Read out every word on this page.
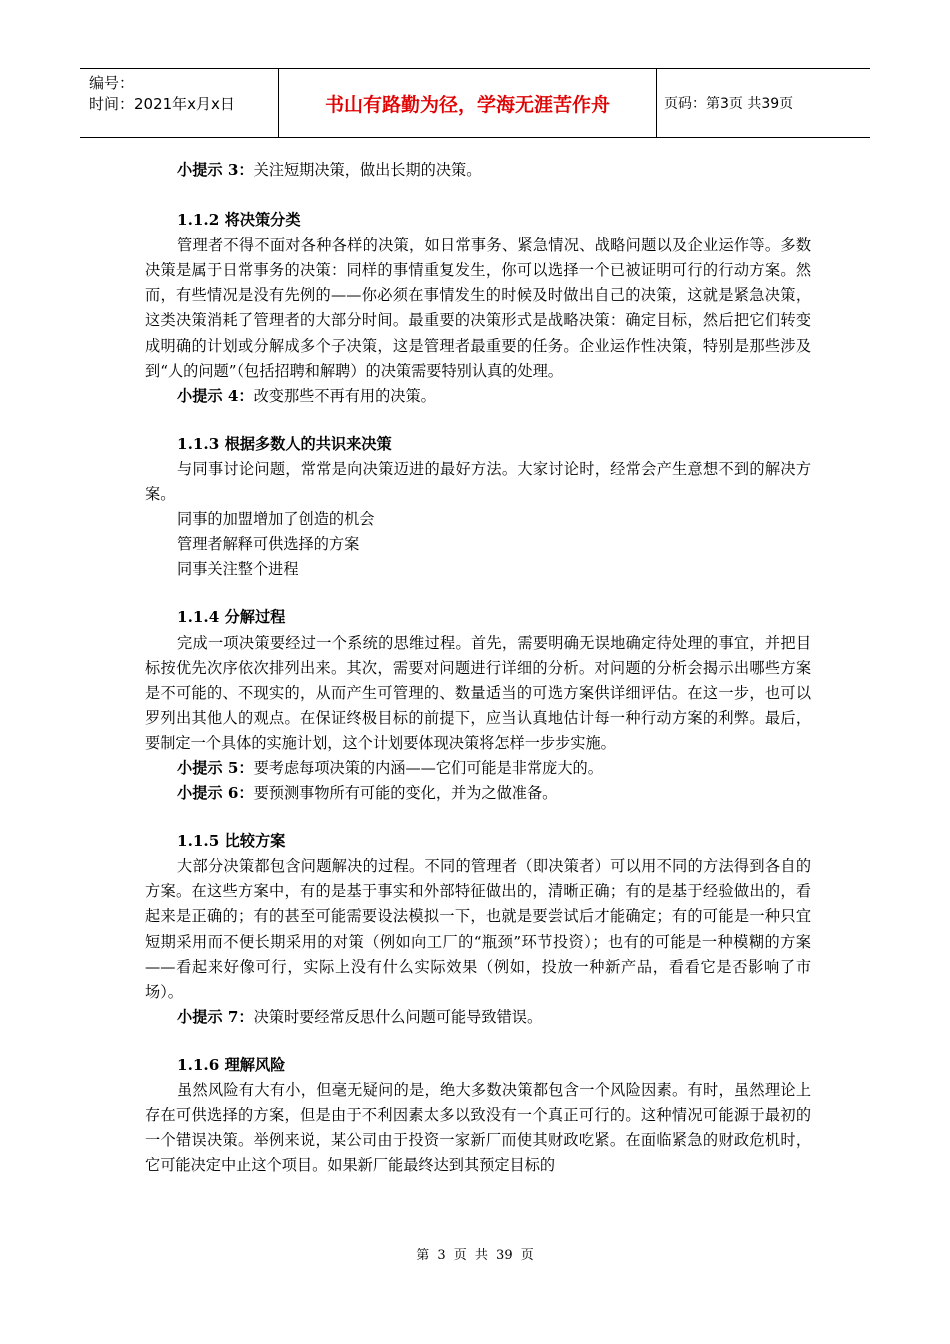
编号：
时间：2021年x月x日	书山有路勤为径，学海无涯苦作舟	页码：第3页 共39页

小提示 3：关注短期决策，做出长期的决策。

1.1.2 将决策分类

管理者不得不面对各种各样的决策，如日常事务、紧急情况、战略问题以及企业运作等。多数决策是属于日常事务的决策：同样的事情重复发生，你可以选择一个已被证明可行的行动方案。然而，有些情况是没有先例的——你必须在事情发生的时候及时做出自己的决策，这就是紧急决策，这类决策消耗了管理者的大部分时间。最重要的决策形式是战略决策：确定目标，然后把它们转变成明确的计划或分解成多个子决策，这是管理者最重要的任务。企业运作性决策，特别是那些涉及到“人的问题”（包括招聘和解聘）的决策需要特别认真的处理。

小提示 4：改变那些不再有用的决策。

1.1.3 根据多数人的共识来决策

与同事讨论问题，常常是向决策迈进的最好方法。大家讨论时，经常会产生意想不到的解决方案。

同事的加盟增加了创造的机会

管理者解释可供选择的方案

同事关注整个进程

1.1.4 分解过程

完成一项决策要经过一个系统的思维过程。首先，需要明确无误地确定待处理的事宜，并把目标按优先次序依次排列出来。其次，需要对问题进行详细的分析。对问题的分析会揭示出哪些方案是不可能的、不现实的，从而产生可管理的、数量适当的可选方案供详细评估。在这一步，也可以罗列出其他人的观点。在保证终极目标的前提下，应当认真地估计每一种行动方案的利弊。最后，要制定一个具体的实施计划，这个计划要体现决策将怎样一步步实施。

小提示 5：要考虑每项决策的内涵——它们可能是非常庞大的。

小提示 6：要预测事物所有可能的变化，并为之做准备。

1.1.5 比较方案

大部分决策都包含问题解决的过程。不同的管理者（即决策者）可以用不同的方法得到各自的方案。在这些方案中，有的是基于事实和外部特征做出的，清晰正确；有的是基于经验做出的，看起来是正确的；有的甚至可能需要设法模拟一下，也就是要尝试后才能确定；有的可能是一种只宜短期采用而不便长期采用的对策（例如向工厂的“瓶颈”环节投资）；也有的可能是一种模糊的方案——看起来好像可行，实际上没有什么实际效果（例如，投放一种新产品，看看它是否影响了市场）。

小提示 7：决策时要经常反思什么问题可能导致错误。

1.1.6 理解风险

虽然风险有大有小，但毫无疑问的是，绝大多数决策都包含一个风险因素。有时，虽然理论上存在可供选择的方案，但是由于不利因素太多以致没有一个真正可行的。这种情况可能源于最初的一个错误决策。举例来说，某公司由于投资一家新厂而使其财政吃紧。在面临紧急的财政危机时，它可能决定中止这个项目。如果新厂能最终达到其预定目标的

第 3 页 共 39 页
